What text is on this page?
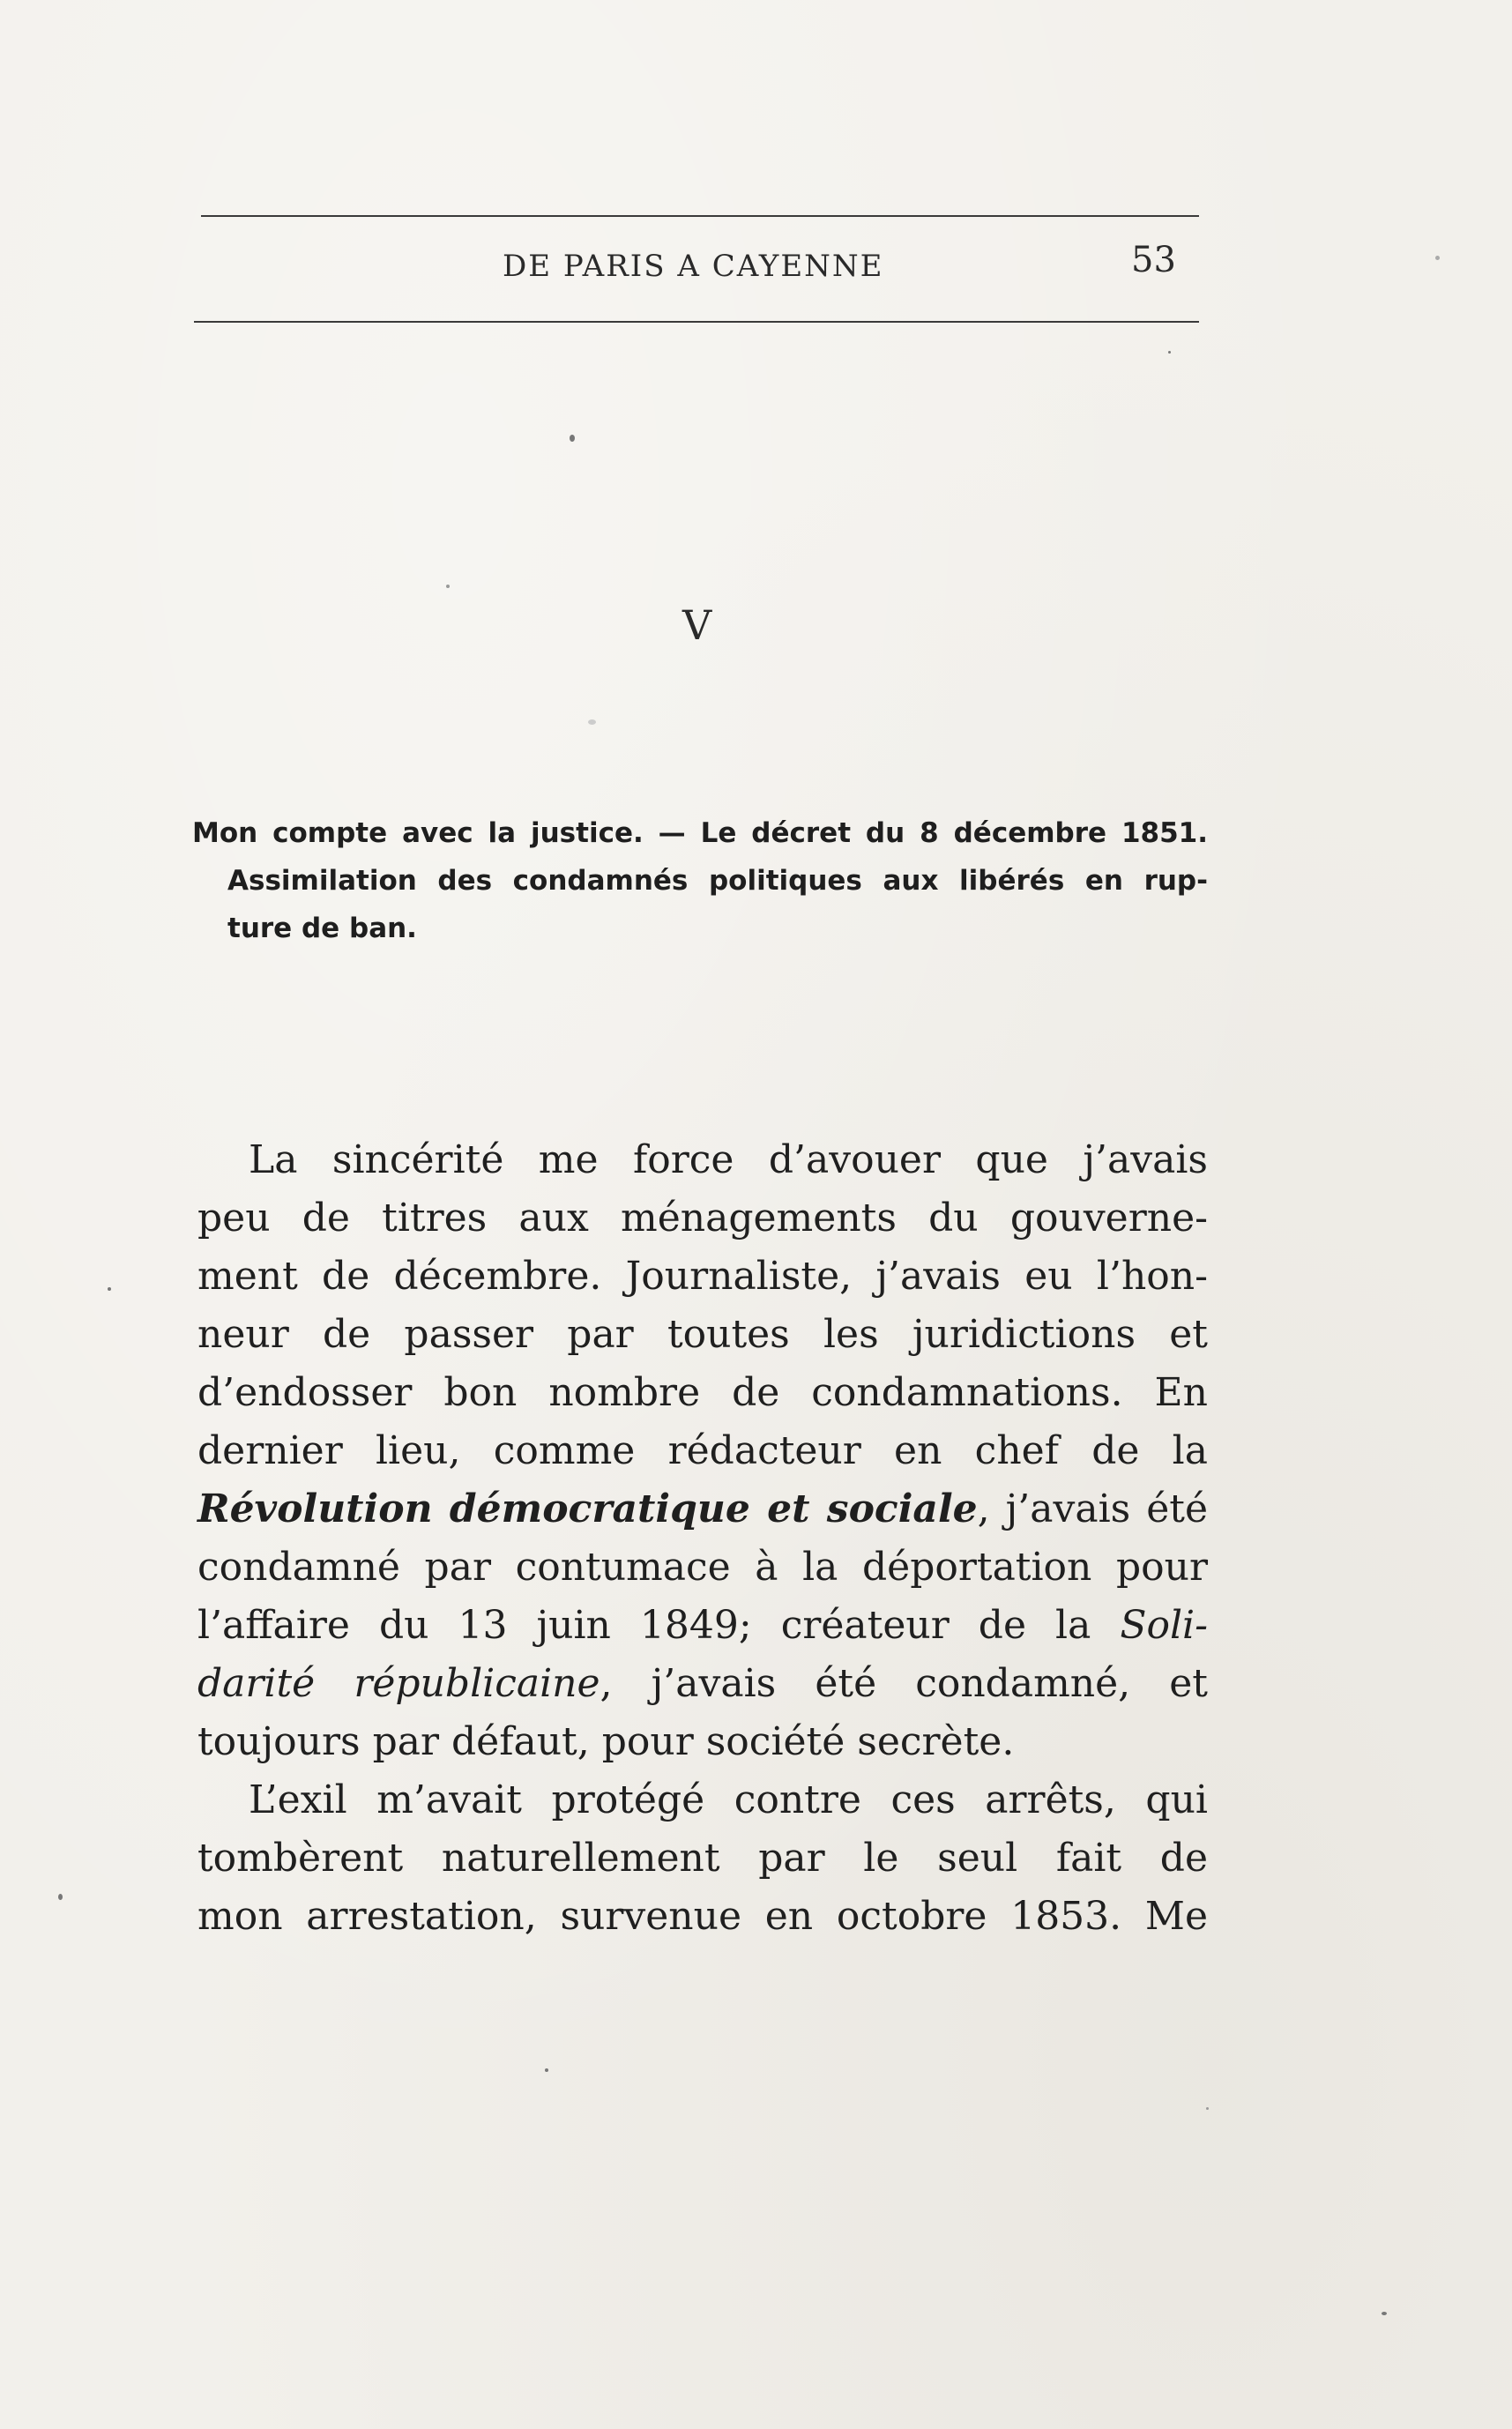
DE PARIS A CAYENNE	53
V
Mon compte avec la justice. — Le décret du 8 décembre 1851.
Assimilation des condamnés politiques aux libérés en rup-
ture de ban.
La sincérité me force d’avouer que j’avais
peu de titres aux ménagements du gouverne-
ment de décembre. Journaliste, j’avais eu l’hon-
neur de passer par toutes les juridictions et
d’endosser bon nombre de condamnations. En
dernier lieu, comme rédacteur en chef de la
Révolution démocratique et sociale, j’avais été
condamné par contumace à la déportation pour
l’affaire du 13 juin 1849; créateur de la Soli-
darité républicaine, j’avais été condamné, et
toujours par défaut, pour société secrète.
L’exil m’avait protégé contre ces arrêts, qui
tombèrent naturellement par le seul fait de
mon arrestation, survenue en octobre 1853. Me
